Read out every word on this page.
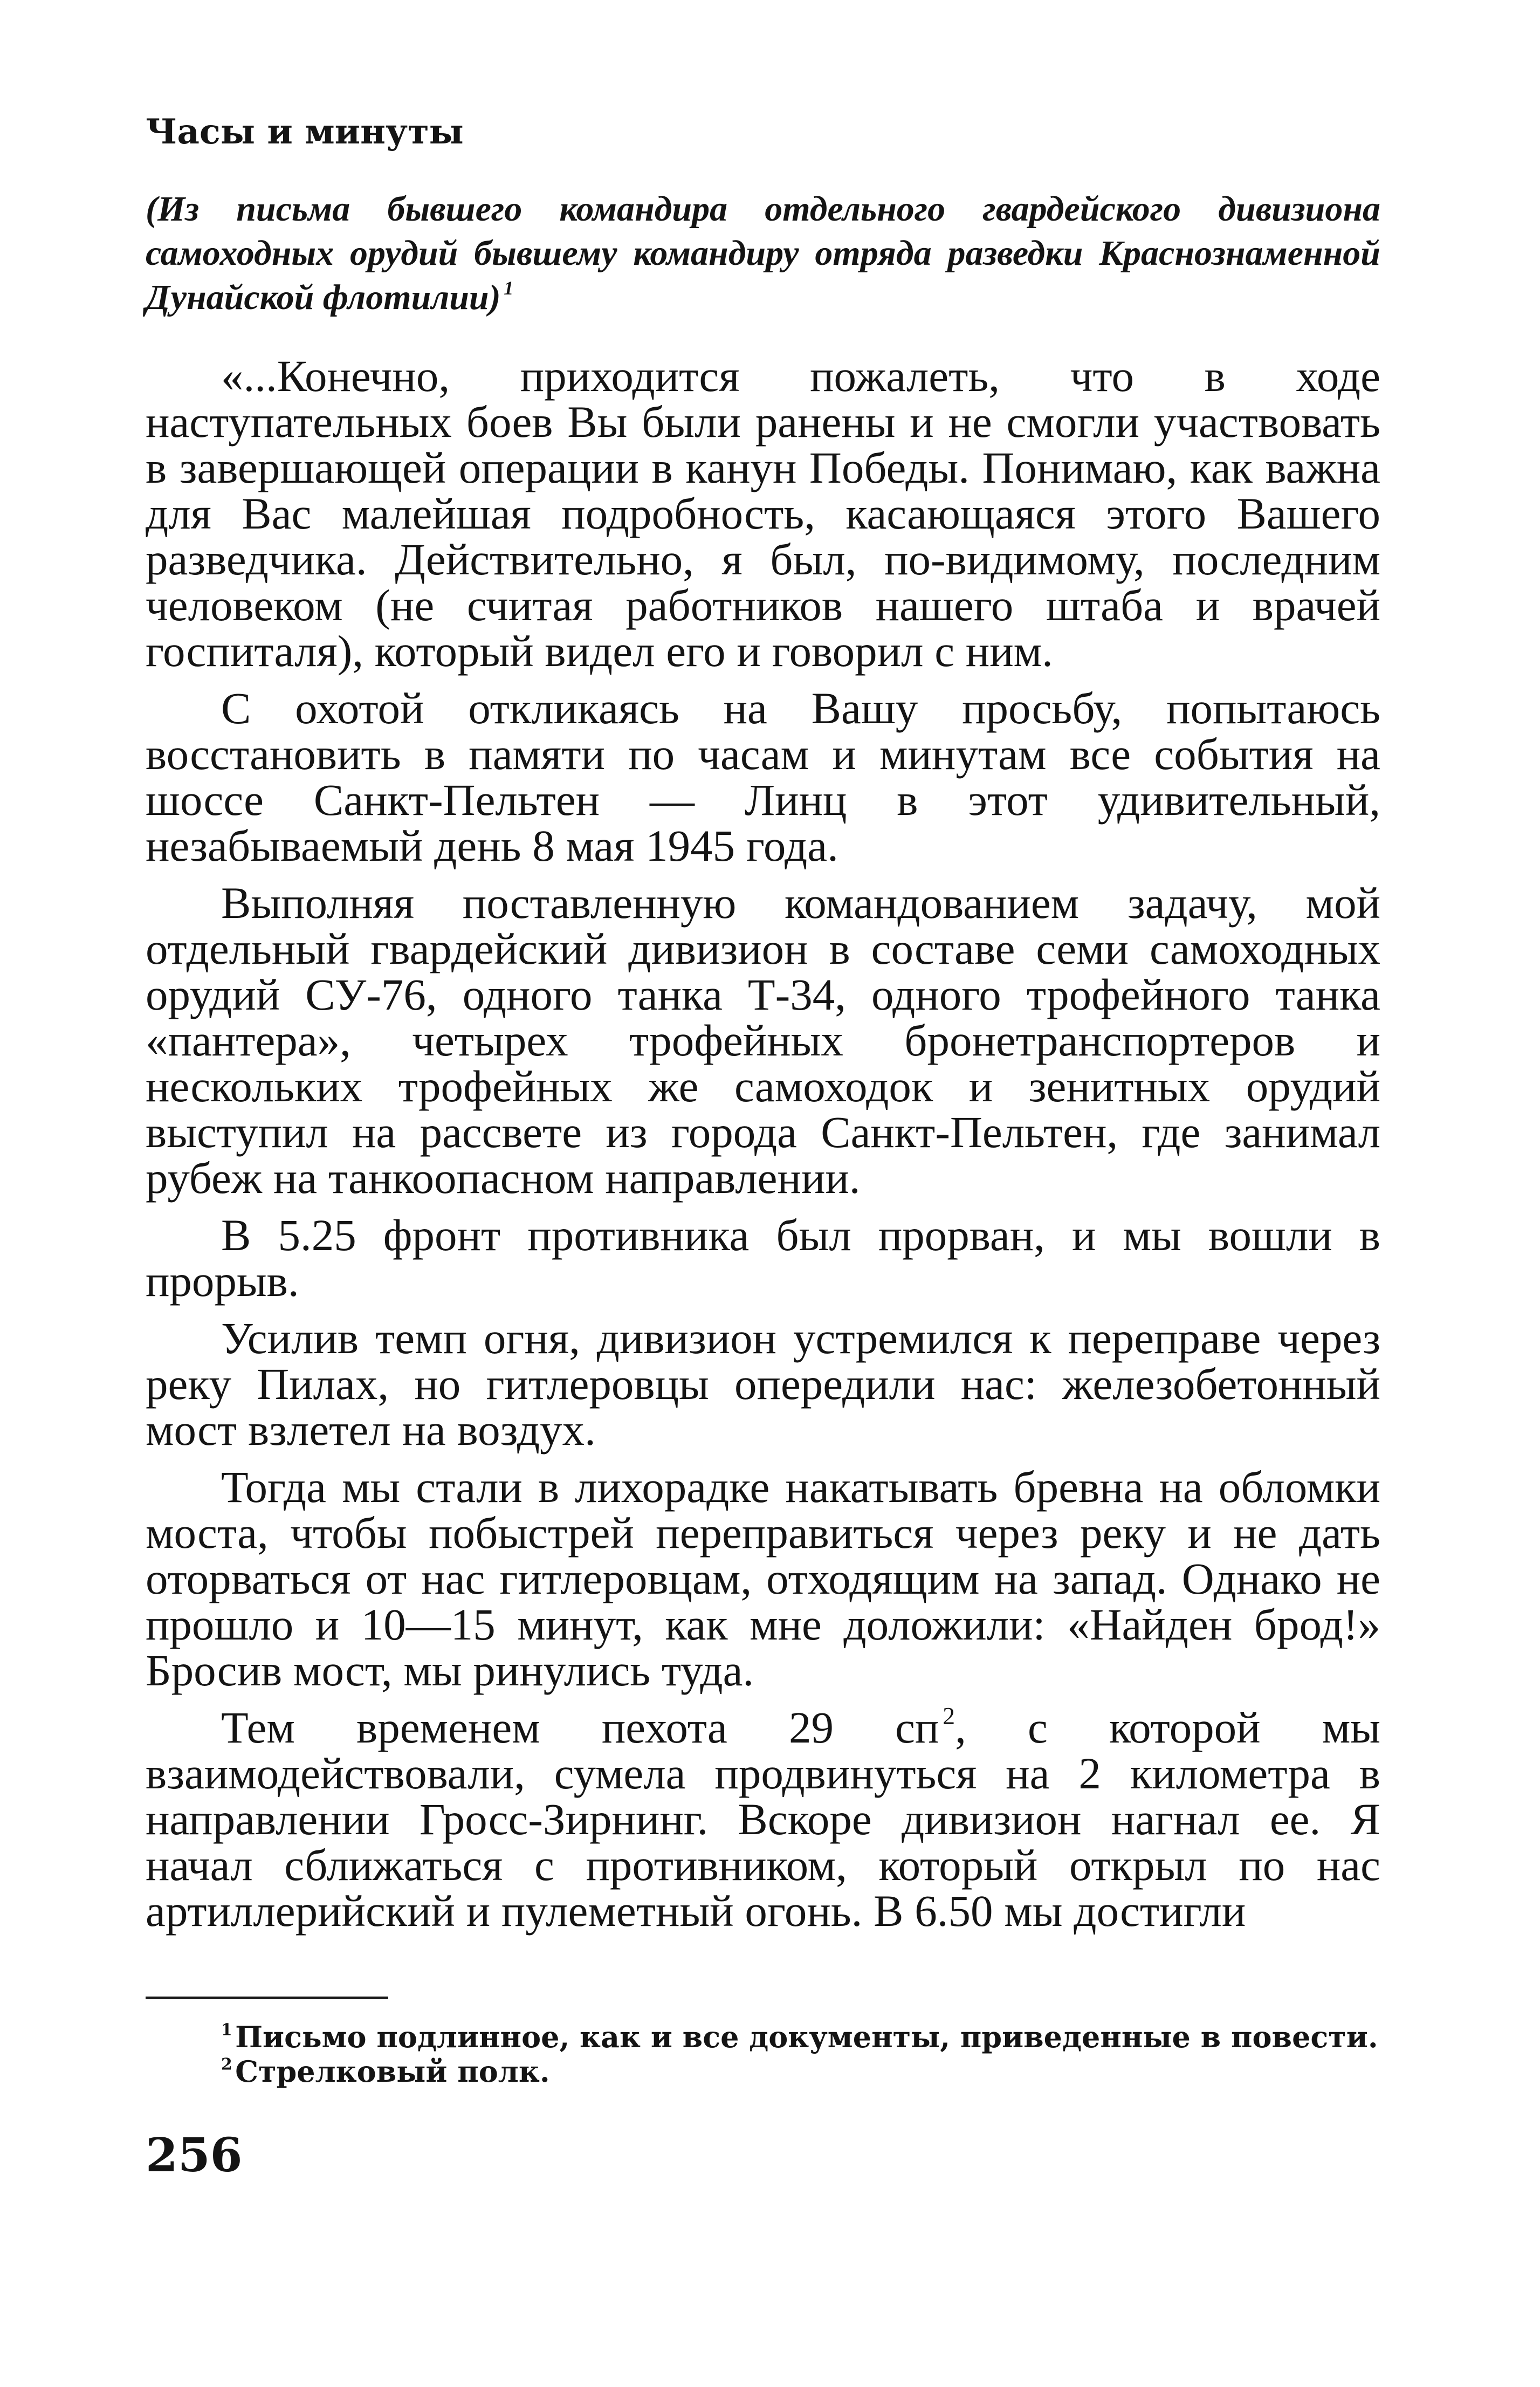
Часы и минуты
(Из письма бывшего командира отдельного гвардейского дивизиона самоходных орудий бывшему командиру отряда разведки Краснознаменной Дунайской флотилии)  $^1$

«...Конечно, приходится пожалеть, что в ходе наступательных боев Вы были ранены и не смогли участвовать в завершающей операции в канун Победы. Понимаю, как важна для Вас малейшая подробность, касающаяся этого Вашего разведчика. Действительно, я был, по-видимому, последним человеком (не считая работников нашего штаба и врачей госпиталя), который видел его и говорил с ним.

С охотой откликаясь на Вашу просьбу, попытаюсь восстановить в памяти по часам и минутам все события на шоссе Санкт-Пельтен — Линц в этот удивительный, незабываемый день 8 мая 1945 года.

Выполняя поставленную командованием задачу, мой отдельный гвардейский дивизион в составе семи самоходных орудий СУ-76, одного танка Т-34, одного трофейного танка «пантера», четырех трофейных бронетранспортеров и нескольких трофейных же самоходок и зенитных орудий выступил на рассвете из города Санкт-Пельтен, где занимал рубеж на танкоопасном направлении.

В 5.25 фронт противника был прорван, и мы вошли в прорыв.

Усилив темп огня, дивизион устремился к переправе через реку Пилах, но гитлеровцы опередили нас: железобетонный мост взлетел на воздух.

Тогда мы стали в лихорадке накатывать бревна на обломки моста, чтобы побыстрей переправиться через реку и не дать оторваться от нас гитлеровцам, отходящим на запад. Однако не прошло и 10—15 минут, как мне доложили: «Найден брод!» Бросив мост, мы ринулись туда.

Тем временем пехота 29 сп  $^2$, с которой мы взаимодействовали, сумела продвинуться на 2 километра в направлении Гросс-Зирнинг. Вскоре дивизион нагнал ее. Я начал сближаться с противником, который открыл по нас артиллерийский и пулеметный огонь. В 6.50 мы достигли

$^1$ Письмо подлинное, как и все документы, приведенные в повести.

$^2$ Стрелковый полк.

256
